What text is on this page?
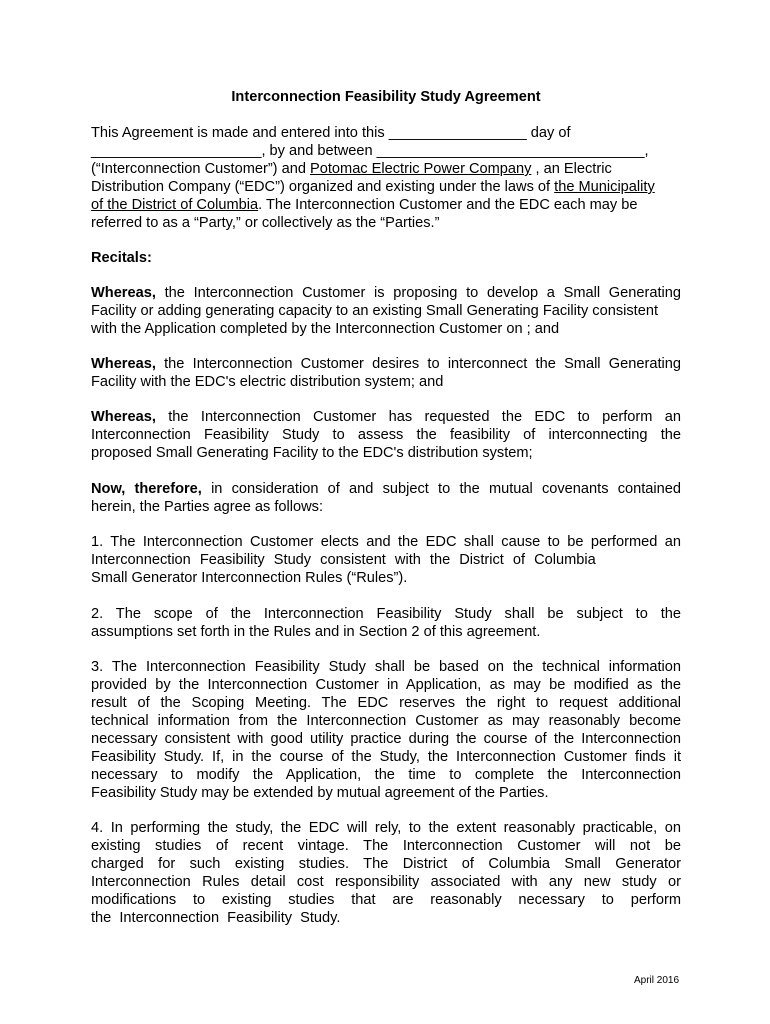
Interconnection Feasibility Study Agreement
This Agreement is made and entered into this _________________ day of
_____________________, by and between _________________________________,
(“Interconnection Customer”) and Potomac Electric Power Company , an Electric
Distribution Company (“EDC”) organized and existing under the laws of the Municipality
of the District of Columbia. The Interconnection Customer and the EDC each may be
referred to as a “Party,” or collectively as the “Parties.”
Recitals:
Whereas, the Interconnection Customer is proposing to develop a Small Generating
Facility or adding generating capacity to an existing Small Generating Facility consistent
with the Application completed by the Interconnection Customer on ; and
Whereas, the Interconnection Customer desires to interconnect the Small Generating
Facility with the EDC's electric distribution system; and
Whereas, the Interconnection Customer has requested the EDC to perform an
Interconnection Feasibility Study to assess the feasibility of interconnecting the
proposed Small Generating Facility to the EDC's distribution system;
Now, therefore, in consideration of and subject to the mutual covenants contained
herein, the Parties agree as follows:
1. The Interconnection Customer elects and the EDC shall cause to be performed an
Interconnection Feasibility Study consistent with the District of Columbia
Small Generator Interconnection Rules (“Rules”).
2. The scope of the Interconnection Feasibility Study shall be subject to the
assumptions set forth in the Rules and in Section 2 of this agreement.
3. The Interconnection Feasibility Study shall be based on the technical information
provided by the Interconnection Customer in Application, as may be modified as the
result of the Scoping Meeting. The EDC reserves the right to request additional
technical information from the Interconnection Customer as may reasonably become
necessary consistent with good utility practice during the course of the Interconnection
Feasibility Study. If, in the course of the Study, the Interconnection Customer finds it
necessary to modify the Application, the time to complete the Interconnection
Feasibility Study may be extended by mutual agreement of the Parties.
4. In performing the study, the EDC will rely, to the extent reasonably practicable, on
existing studies of recent vintage. The Interconnection Customer will not be
charged for such existing studies. The District of Columbia Small Generator
Interconnection Rules detail cost responsibility associated with any new study or
modifications to existing studies that are reasonably necessary to perform
the Interconnection Feasibility Study.
April 2016
